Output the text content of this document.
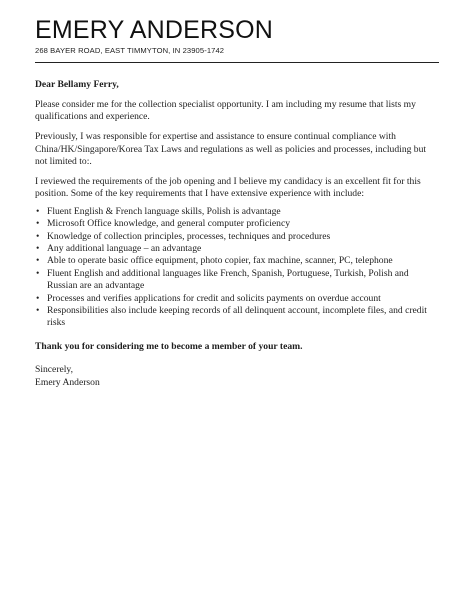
EMERY ANDERSON
268 BAYER ROAD, EAST TIMMYTON, IN 23905-1742
Dear Bellamy Ferry,
Please consider me for the collection specialist opportunity. I am including my resume that lists my qualifications and experience.
Previously, I was responsible for expertise and assistance to ensure continual compliance with China/HK/Singapore/Korea Tax Laws and regulations as well as policies and processes, including but not limited to:.
I reviewed the requirements of the job opening and I believe my candidacy is an excellent fit for this position. Some of the key requirements that I have extensive experience with include:
• Fluent English & French language skills, Polish is advantage
• Microsoft Office knowledge, and general computer proficiency
• Knowledge of collection principles, processes, techniques and procedures
• Any additional language – an advantage
• Able to operate basic office equipment, photo copier, fax machine, scanner, PC, telephone
• Fluent English and additional languages like French, Spanish, Portuguese, Turkish, Polish and Russian are an advantage
• Processes and verifies applications for credit and solicits payments on overdue account
• Responsibilities also include keeping records of all delinquent account, incomplete files, and credit risks
Thank you for considering me to become a member of your team.
Sincerely,
Emery Anderson
